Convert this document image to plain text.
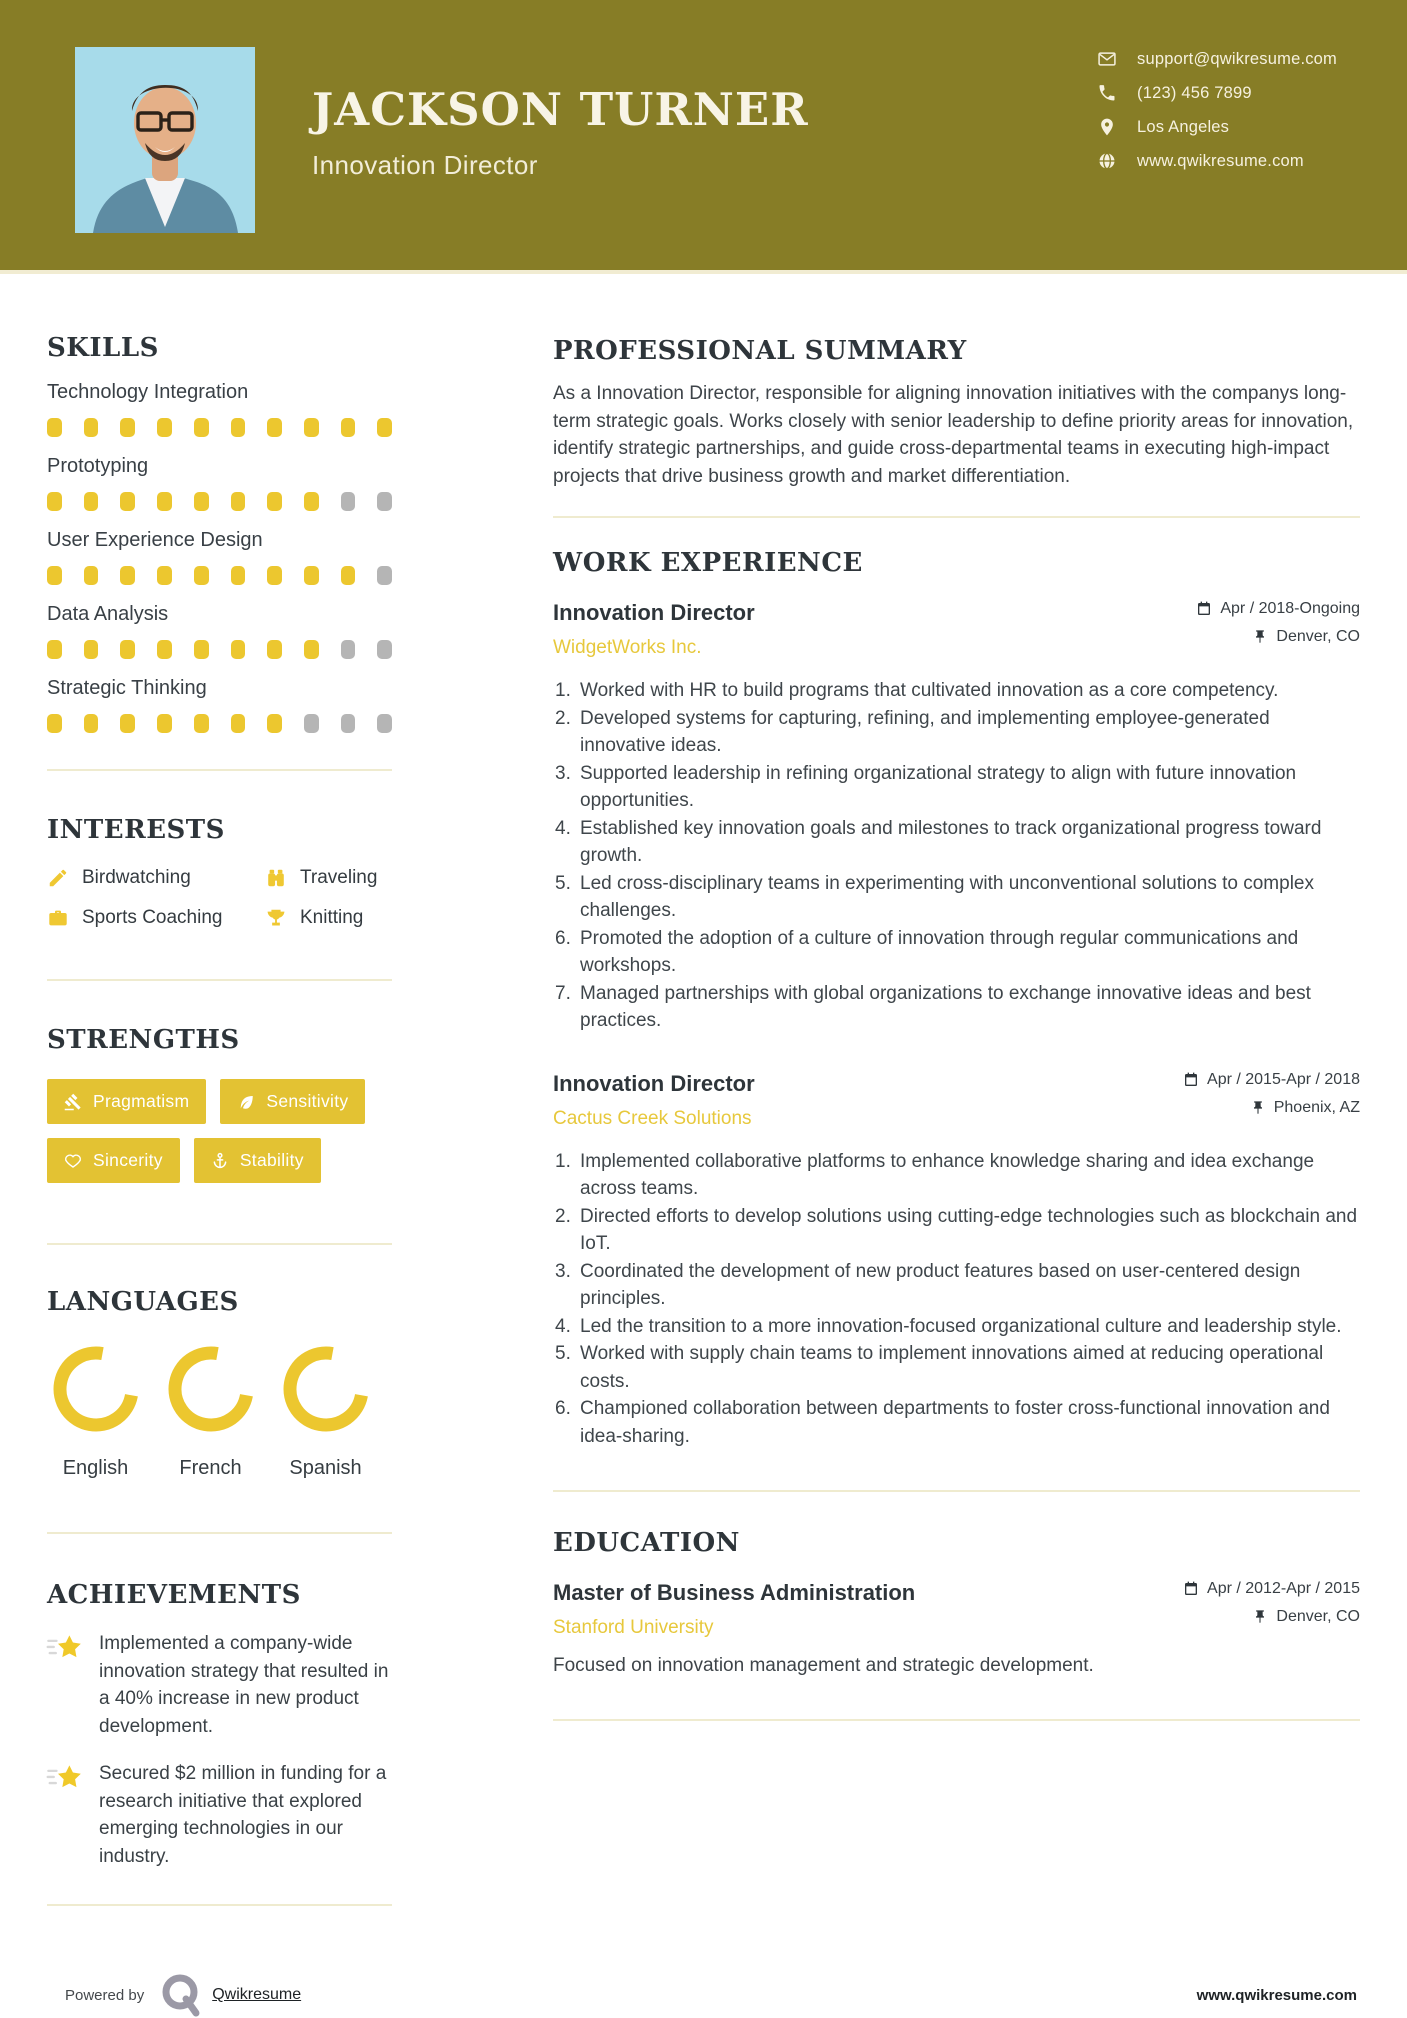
JACKSON TURNER
Innovation Director
support@qwikresume.com
(123) 456 7899
Los Angeles
www.qwikresume.com
SKILLS
Technology Integration
Prototyping
User Experience Design
Data Analysis
Strategic Thinking
INTERESTS
Birdwatching	Traveling
Sports Coaching	Knitting
STRENGTHS
Pragmatism	Sensitivity
Sincerity	Stability
LANGUAGES
English	French	Spanish
ACHIEVEMENTS
Implemented a company-wide innovation strategy that resulted in a 40% increase in new product development.
Secured $2 million in funding for a research initiative that explored emerging technologies in our industry.
PROFESSIONAL SUMMARY
As a Innovation Director, responsible for aligning innovation initiatives with the companys long-term strategic goals. Works closely with senior leadership to define priority areas for innovation, identify strategic partnerships, and guide cross-departmental teams in executing high-impact projects that drive business growth and market differentiation.
WORK EXPERIENCE
Innovation Director
WidgetWorks Inc.
Apr / 2018-Ongoing
Denver, CO
Worked with HR to build programs that cultivated innovation as a core competency.
Developed systems for capturing, refining, and implementing employee-generated innovative ideas.
Supported leadership in refining organizational strategy to align with future innovation opportunities.
Established key innovation goals and milestones to track organizational progress toward growth.
Led cross-disciplinary teams in experimenting with unconventional solutions to complex challenges.
Promoted the adoption of a culture of innovation through regular communications and workshops.
Managed partnerships with global organizations to exchange innovative ideas and best practices.
Innovation Director
Cactus Creek Solutions
Apr / 2015-Apr / 2018
Phoenix, AZ
Implemented collaborative platforms to enhance knowledge sharing and idea exchange across teams.
Directed efforts to develop solutions using cutting-edge technologies such as blockchain and IoT.
Coordinated the development of new product features based on user-centered design principles.
Led the transition to a more innovation-focused organizational culture and leadership style.
Worked with supply chain teams to implement innovations aimed at reducing operational costs.
Championed collaboration between departments to foster cross-functional innovation and idea-sharing.
EDUCATION
Master of Business Administration
Stanford University
Apr / 2012-Apr / 2015
Denver, CO
Focused on innovation management and strategic development.
Powered by	Qwikresume	www.qwikresume.com
